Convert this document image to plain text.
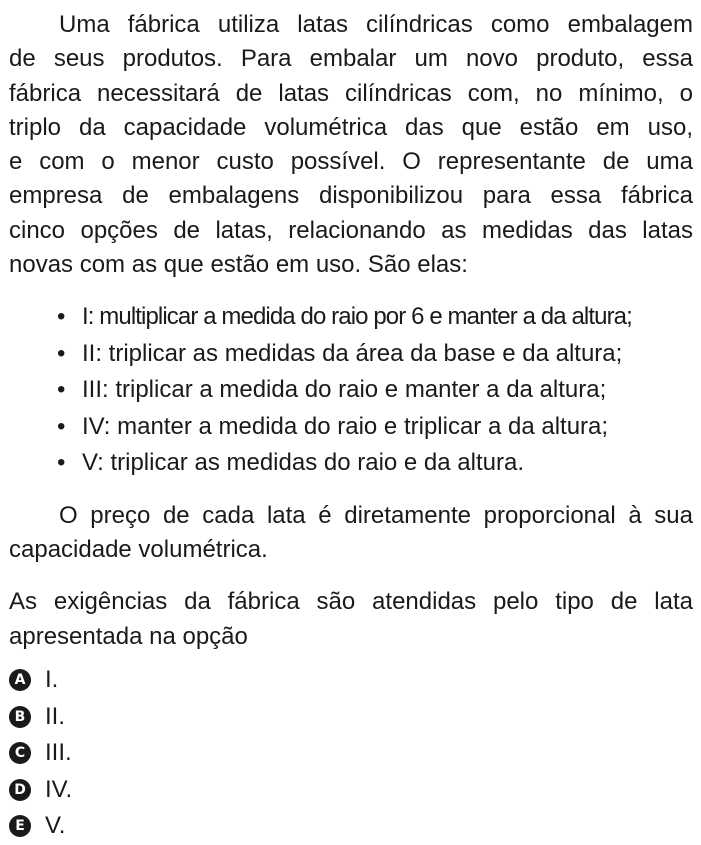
Uma fábrica utiliza latas cilíndricas como embalagem
de seus produtos. Para embalar um novo produto, essa
fábrica necessitará de latas cilíndricas com, no mínimo, o
triplo da capacidade volumétrica das que estão em uso,
e com o menor custo possível. O representante de uma
empresa de embalagens disponibilizou para essa fábrica
cinco opções de latas, relacionando as medidas das latas
novas com as que estão em uso. São elas:

• I: multiplicar a medida do raio por 6 e manter a da altura;
• II: triplicar as medidas da área da base e da altura;
• III: triplicar a medida do raio e manter a da altura;
• IV: manter a medida do raio e triplicar a da altura;
• V: triplicar as medidas do raio e da altura.

O preço de cada lata é diretamente proporcional à sua
capacidade volumétrica.

As exigências da fábrica são atendidas pelo tipo de lata
apresentada na opção

A I.
B II.
C III.
D IV.
E V.
